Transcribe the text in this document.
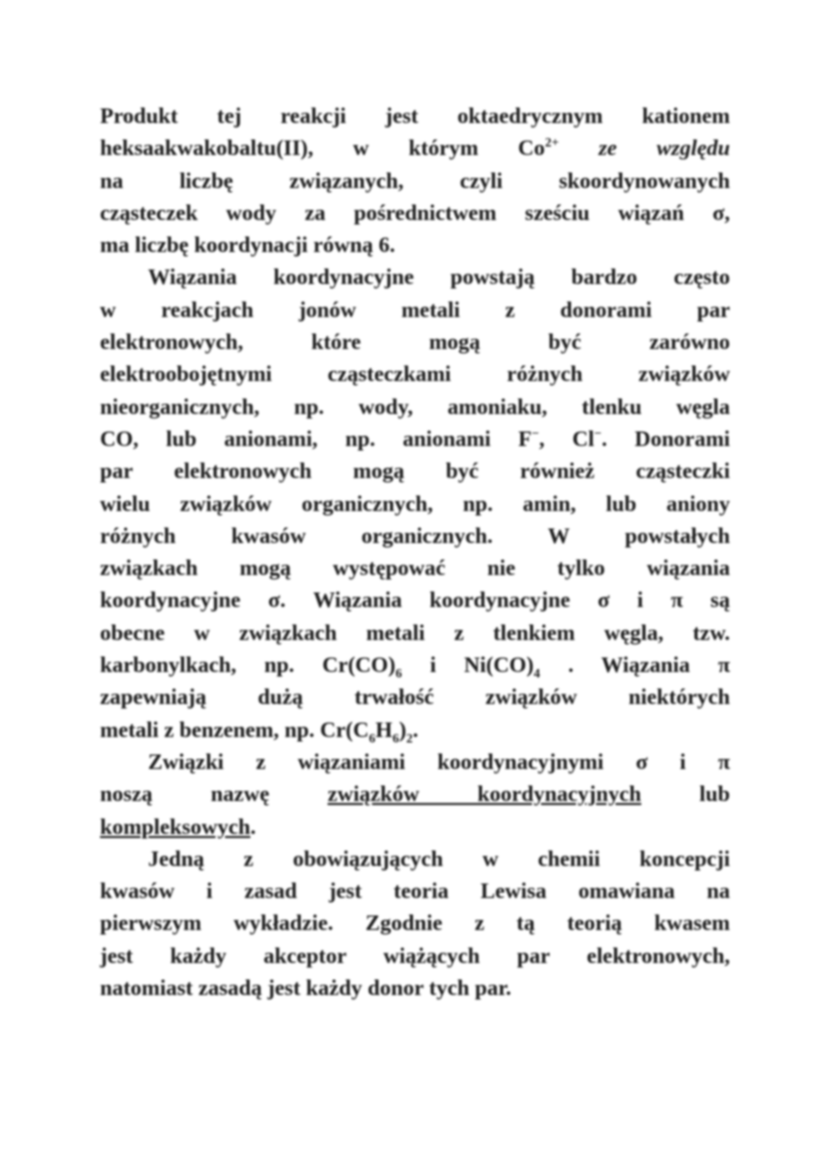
Produkt tej reakcji jest oktaedrycznym kationem
heksaakwakobaltu(II), w którym $Co^{2+}$ ze względu
na liczbę związanych, czyli skoordynowanych
cząsteczek wody za pośrednictwem sześciu wiązań σ,
ma liczbę koordynacji równą 6.

Wiązania koordynacyjne powstają bardzo często
w reakcjach jonów metali z donorami par
elektronowych, które mogą być zarówno
elektroobojętnymi cząsteczkami różnych związków
nieorganicznych, np. wody, amoniaku, tlenku węgla
CO, lub anionami, np. anionami F−, Cl−. Donorami
par elektronowych mogą być również cząsteczki
wielu związków organicznych, np. amin, lub aniony
różnych kwasów organicznych. W powstałych
związkach mogą występować nie tylko wiązania
koordynacyjne σ. Wiązania koordynacyjne σ i π są
obecne w związkach metali z tlenkiem węgla, tzw.
karbonylkach, np. $Cr(CO)_6$ i $Ni(CO)_4$ . Wiązania π
zapewniają dużą trwałość związków niektórych
metali z benzenem, np. $Cr(C_6H_6)_2$.

Związki z wiązaniami koordynacyjnymi σ i π
noszą nazwę związków koordynacyjnych lub
kompleksowych.

Jedną z obowiązujących w chemii koncepcji
kwasów i zasad jest teoria Lewisa omawiana na
pierwszym wykładzie. Zgodnie z tą teorią kwasem
jest każdy akceptor wiążących par elektronowych,
natomiast zasadą jest każdy donor tych par.
